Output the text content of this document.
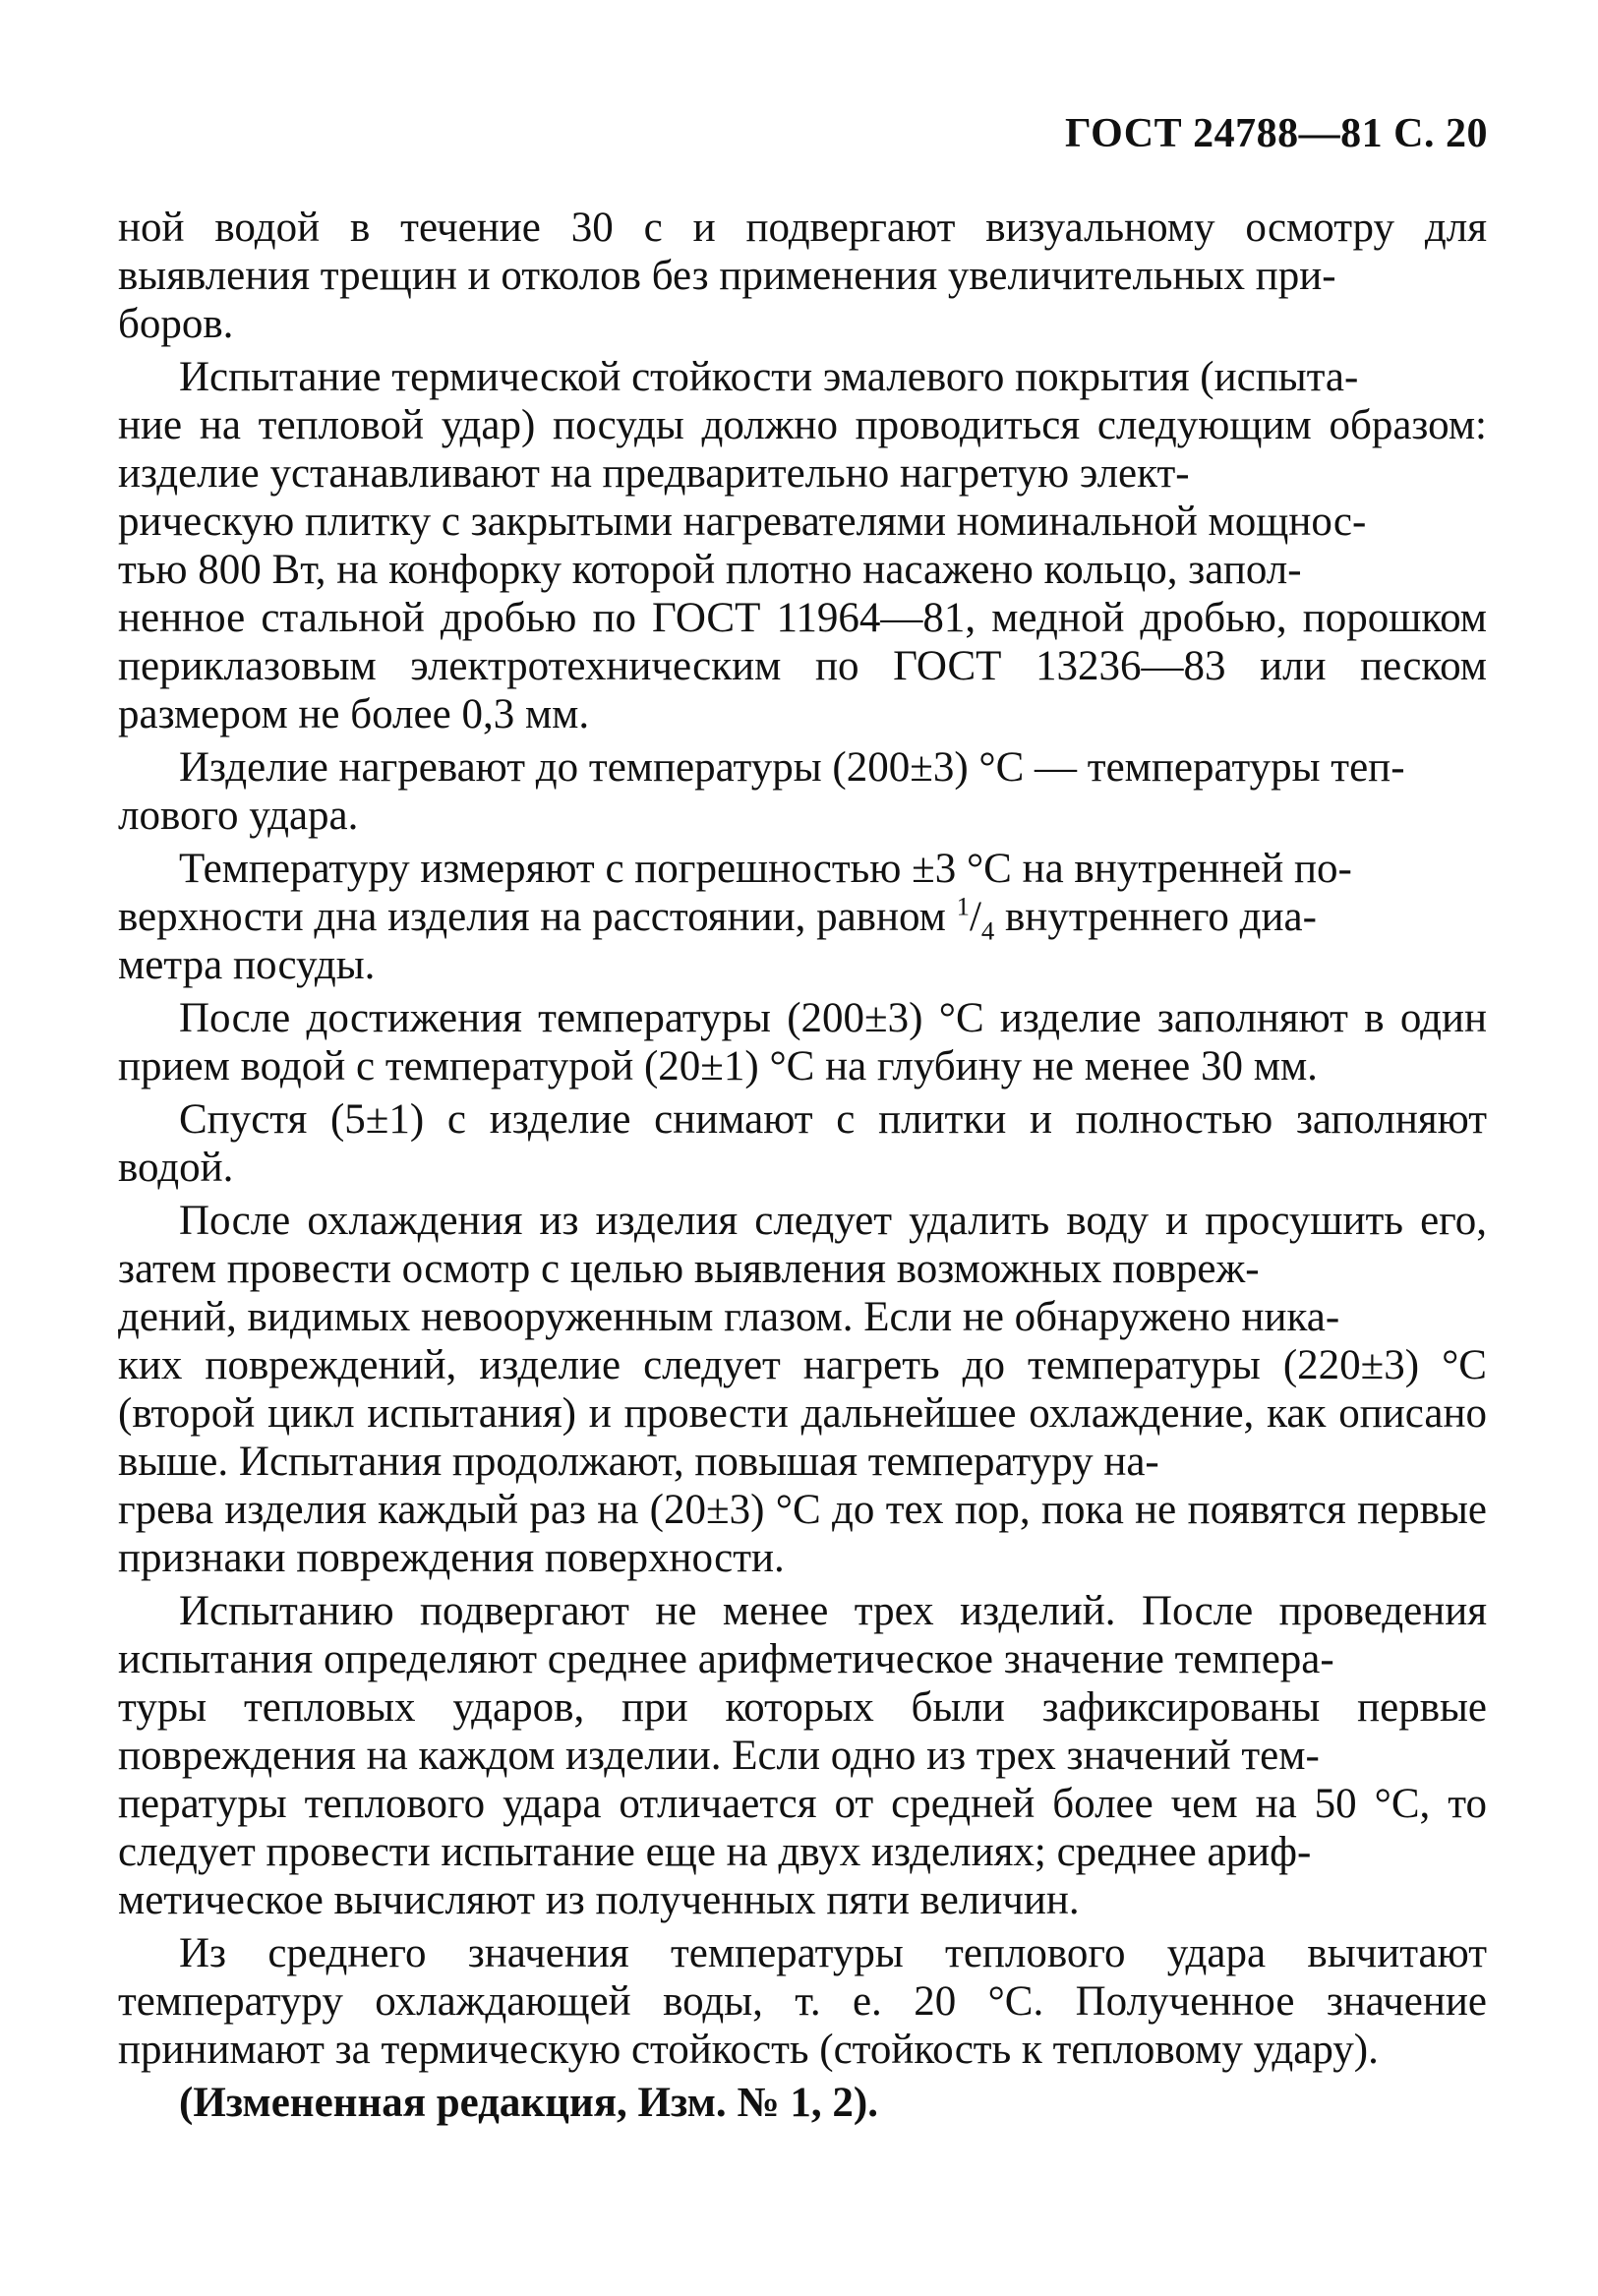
ГОСТ 24788—81 С. 20

ной водой в течение 30 с и подвергают визуальному осмотру для выявления трещин и отколов без применения увеличительных при-
боров.

Испытание термической стойкости эмалевого покрытия (испыта-
ние на тепловой удар) посуды должно проводиться следующим образом: изделие устанавливают на предварительно нагретую элект-
рическую плитку с закрытыми нагревателями номинальной мощнос-
тью 800 Вт, на конфорку которой плотно насажено кольцо, запол-
ненное стальной дробью по ГОСТ 11964—81, медной дробью, порошком периклазовым электротехническим по ГОСТ 13236—83 или песком размером не более 0,3 мм.

Изделие нагревают до температуры (200±3) °С — температуры теп-
лового удара.

Температуру измеряют с погрешностью ±3 °С на внутренней по-
верхности дна изделия на расстоянии, равном $^1/_4$ внутреннего диа-
метра посуды.

После достижения температуры (200±3) °С изделие заполняют в один прием водой с температурой (20±1) °С на глубину не менее 30 мм.

Спустя (5±1) с изделие снимают с плитки и полностью заполняют водой.

После охлаждения из изделия следует удалить воду и просушить его, затем провести осмотр с целью выявления возможных повреж-
дений, видимых невооруженным глазом. Если не обнаружено ника-
ких повреждений, изделие следует нагреть до температуры (220±3) °С (второй цикл испытания) и провести дальнейшее охлаждение, как описано выше. Испытания продолжают, повышая температуру на-
грева изделия каждый раз на (20±3) °С до тех пор, пока не появятся первые признаки повреждения поверхности.

Испытанию подвергают не менее трех изделий. После проведения испытания определяют среднее арифметическое значение темпера-
туры тепловых ударов, при которых были зафиксированы первые повреждения на каждом изделии. Если одно из трех значений тем-
пературы теплового удара отличается от средней более чем на 50 °С, то следует провести испытание еще на двух изделиях; среднее ариф-
метическое вычисляют из полученных пяти величин.

Из среднего значения температуры теплового удара вычитают температуру охлаждающей воды, т. е. 20 °С. Полученное значение принимают за термическую стойкость (стойкость к тепловому удару).

(Измененная редакция, Изм. № 1, 2).
